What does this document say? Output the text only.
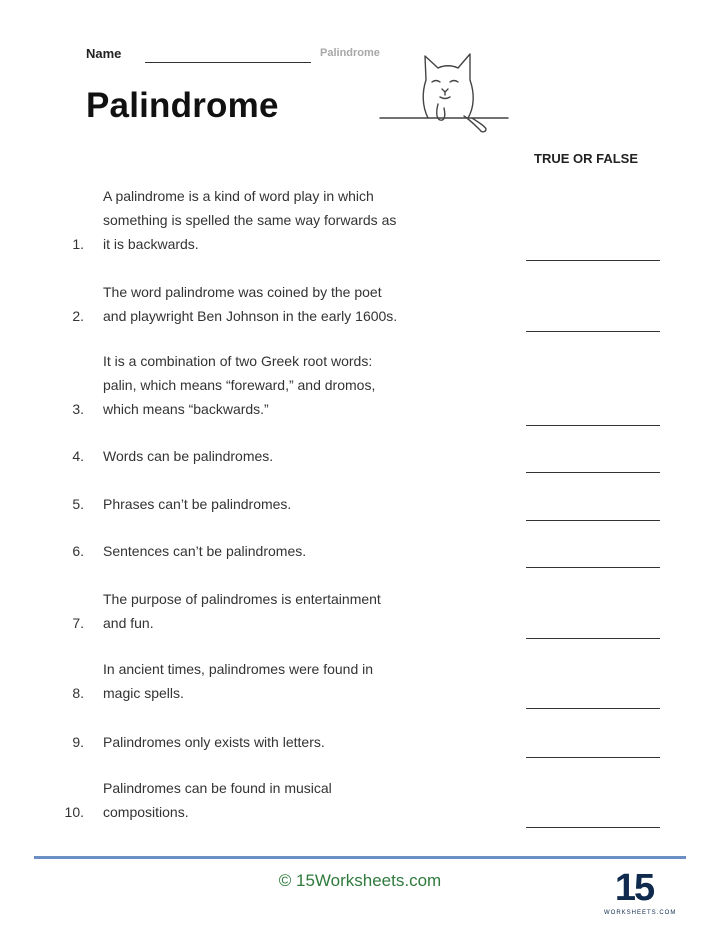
Name	Palindrome
Palindrome
TRUE OR FALSE
1.
A palindrome is a kind of word play in which
something is spelled the same way forwards as
it is backwards.
2.
The word palindrome was coined by the poet
and playwright Ben Johnson in the early 1600s.
3.
It is a combination of two Greek root words:
palin, which means “foreward,” and dromos,
which means “backwards.”
4. Words can be palindromes.
5. Phrases can’t be palindromes.
6. Sentences can’t be palindromes.
7.
The purpose of palindromes is entertainment
and fun.
8.
In ancient times, palindromes were found in
magic spells.
9. Palindromes only exists with letters.
10.
Palindromes can be found in musical
compositions.
© 15Worksheets.com	15
WORKSHEETS.COM
